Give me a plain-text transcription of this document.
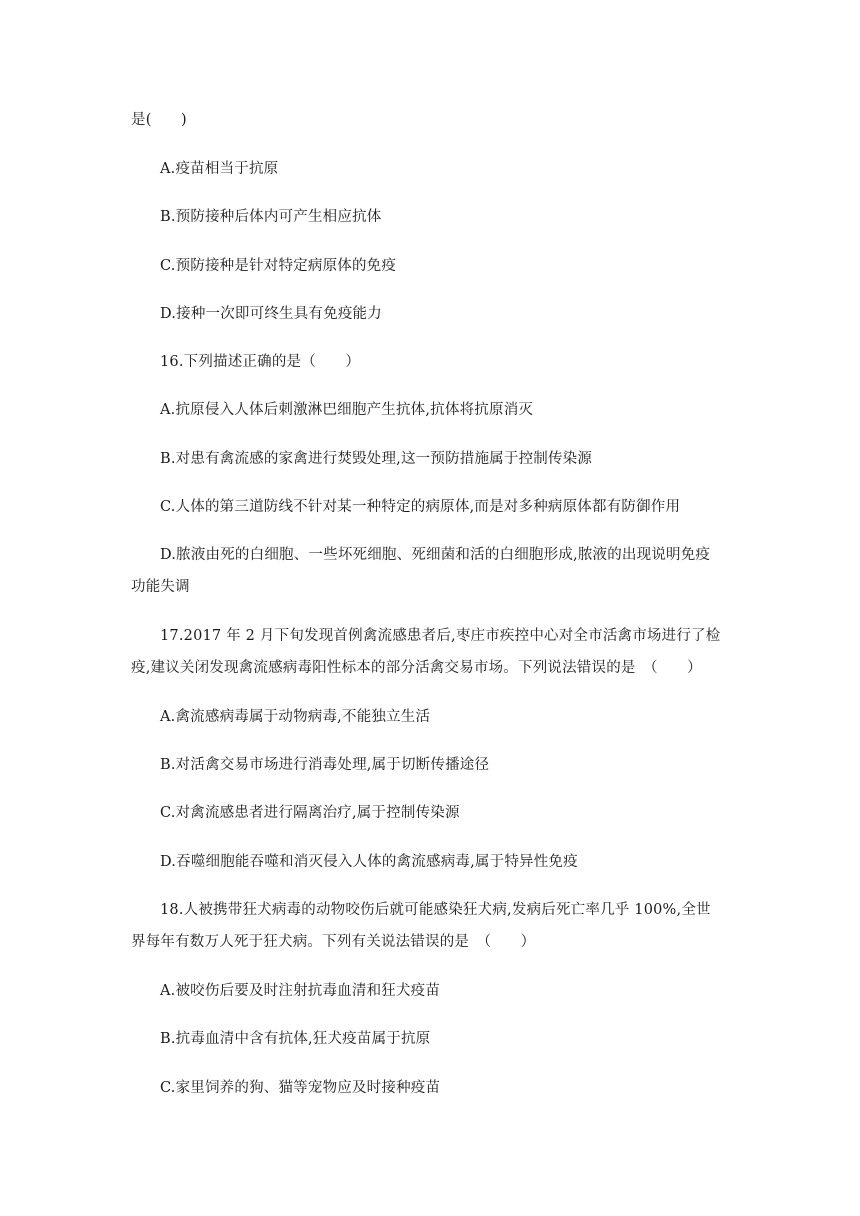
是(　　)
A.疫苗相当于抗原
B.预防接种后体内可产生相应抗体
C.预防接种是针对特定病原体的免疫
D.接种一次即可终生具有免疫能力
16.下列描述正确的是（　　）
A.抗原侵入人体后刺激淋巴细胞产生抗体,抗体将抗原消灭
B.对患有禽流感的家禽进行焚毁处理,这一预防措施属于控制传染源
C.人体的第三道防线不针对某一种特定的病原体,而是对多种病原体都有防御作用
D.脓液由死的白细胞、一些坏死细胞、死细菌和活的白细胞形成,脓液的出现说明免疫
功能失调
17.2017 年 2 月下旬发现首例禽流感患者后,枣庄市疾控中心对全市活禽市场进行了检
疫,建议关闭发现禽流感病毒阳性标本的部分活禽交易市场。下列说法错误的是　（　　）
A.禽流感病毒属于动物病毒,不能独立生活
B.对活禽交易市场进行消毒处理,属于切断传播途径
C.对禽流感患者进行隔离治疗,属于控制传染源
D.吞噬细胞能吞噬和消灭侵入人体的禽流感病毒,属于特异性免疫
18.人被携带狂犬病毒的动物咬伤后就可能感染狂犬病,发病后死亡率几乎 100%,全世
界每年有数万人死于狂犬病。下列有关说法错误的是　（　　）
A.被咬伤后要及时注射抗毒血清和狂犬疫苗
B.抗毒血清中含有抗体,狂犬疫苗属于抗原
C.家里饲养的狗、猫等宠物应及时接种疫苗
